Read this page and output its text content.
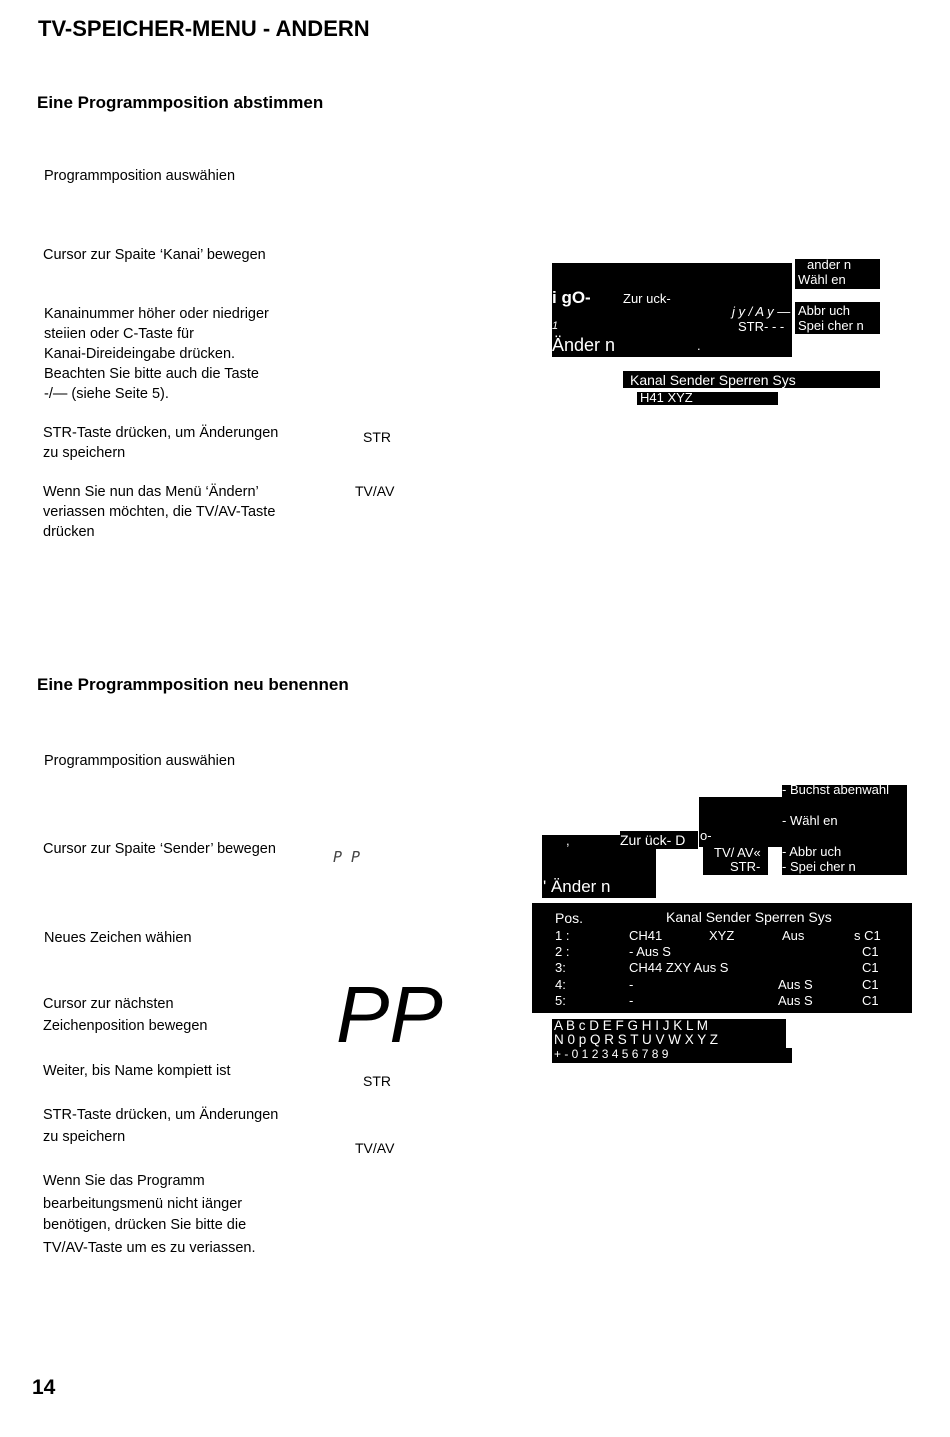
TV-SPEICHER-MENU - ANDERN
Eine Programmposition abstimmen
Programmposition auswähien
Cursor zur Spaite ‘Kanai’ bewegen
Kanainummer höher oder niedriger
steiien oder C-Taste für
Kanai-Direideingabe drücken.
Beachten Sie bitte auch die Taste
-/— (siehe Seite 5).
STR-Taste drücken, um Änderungen
zu speichern
Wenn Sie nun das Menü ‘Ändern’
veriassen möchten, die TV/AV-Taste
drücken
STR
TV/AV
i gO-
1
Änder n
Zur uck-
j y / A y —
STR- - -
.
ander n
Wähl en
Abbr uch
Spei cher n
Kanal Sender Sperren Sys
H41 XYZ
Eine Programmposition neu benennen
Programmposition auswähien
Cursor zur Spaite ‘Sender’ bewegen
Neues Zeichen wähien
Cursor zur nächsten
Zeichenposition bewegen
Weiter, bis Name kompiett ist
STR-Taste drücken, um Änderungen
zu speichern
Wenn Sie das Programm
bearbeitungsmenü nicht iänger
benötigen, drücken Sie bitte die
TV/AV-Taste um es zu veriassen.
P P
PP
STR
TV/AV
,	Zur ück- D
' Änder n
o-
TV/ AV«
STR-
- Buchst abenwahl
- Wähl en
- Abbr uch
- Spei cher n
Pos.	Kanal Sender Sperren Sys
1 :	CH41	XYZ	Aus	s C1
2 :	- Aus S	C1
3:	CH44 ZXY Aus S	C1
4:	-	Aus S	C1
5:	-	Aus S	C1
A B c D E F G H I J K L M
N 0 p Q R S T U V W X Y Z
+ - 0 1 2 3 4 5 6 7 8 9
14
